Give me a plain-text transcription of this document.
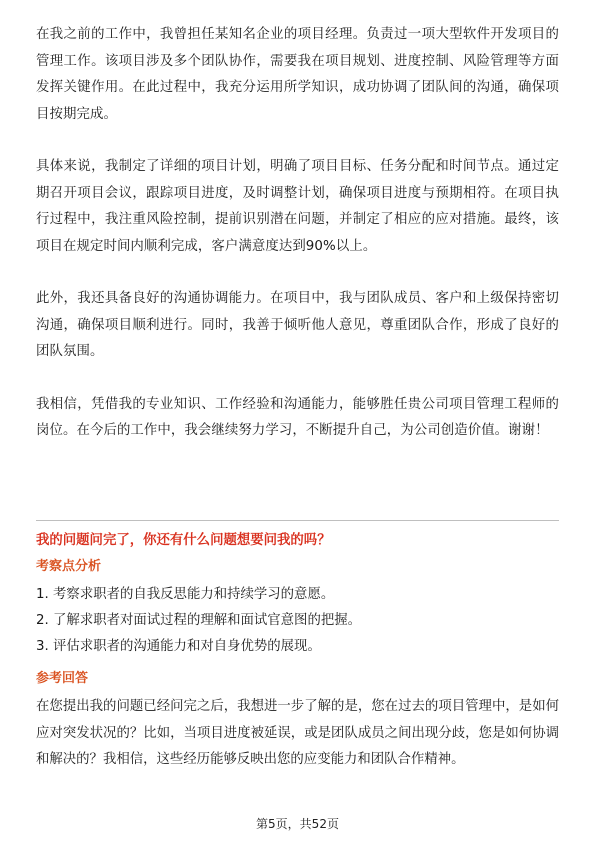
在我之前的工作中，我曾担任某知名企业的项目经理。负责过一项大型软件开发项目的管理工作。该项目涉及多个团队协作，需要我在项目规划、进度控制、风险管理等方面发挥关键作用。在此过程中，我充分运用所学知识，成功协调了团队间的沟通，确保项目按期完成。

具体来说，我制定了详细的项目计划，明确了项目目标、任务分配和时间节点。通过定期召开项目会议，跟踪项目进度，及时调整计划，确保项目进度与预期相符。在项目执行过程中，我注重风险控制，提前识别潜在问题，并制定了相应的应对措施。最终，该项目在规定时间内顺利完成，客户满意度达到90%以上。

此外，我还具备良好的沟通协调能力。在项目中，我与团队成员、客户和上级保持密切沟通，确保项目顺利进行。同时，我善于倾听他人意见，尊重团队合作，形成了良好的团队氛围。

我相信，凭借我的专业知识、工作经验和沟通能力，能够胜任贵公司项目管理工程师的岗位。在今后的工作中，我会继续努力学习，不断提升自己，为公司创造价值。谢谢！

我的问题问完了，你还有什么问题想要问我的吗？

考察点分析

1. 考察求职者的自我反思能力和持续学习的意愿。
2. 了解求职者对面试过程的理解和面试官意图的把握。
3. 评估求职者的沟通能力和对自身优势的展现。

参考回答

在您提出我的问题已经问完之后，我想进一步了解的是，您在过去的项目管理中，是如何应对突发状况的？比如，当项目进度被延误，或是团队成员之间出现分歧，您是如何协调和解决的？我相信，这些经历能够反映出您的应变能力和团队合作精神。

第5页，共52页
